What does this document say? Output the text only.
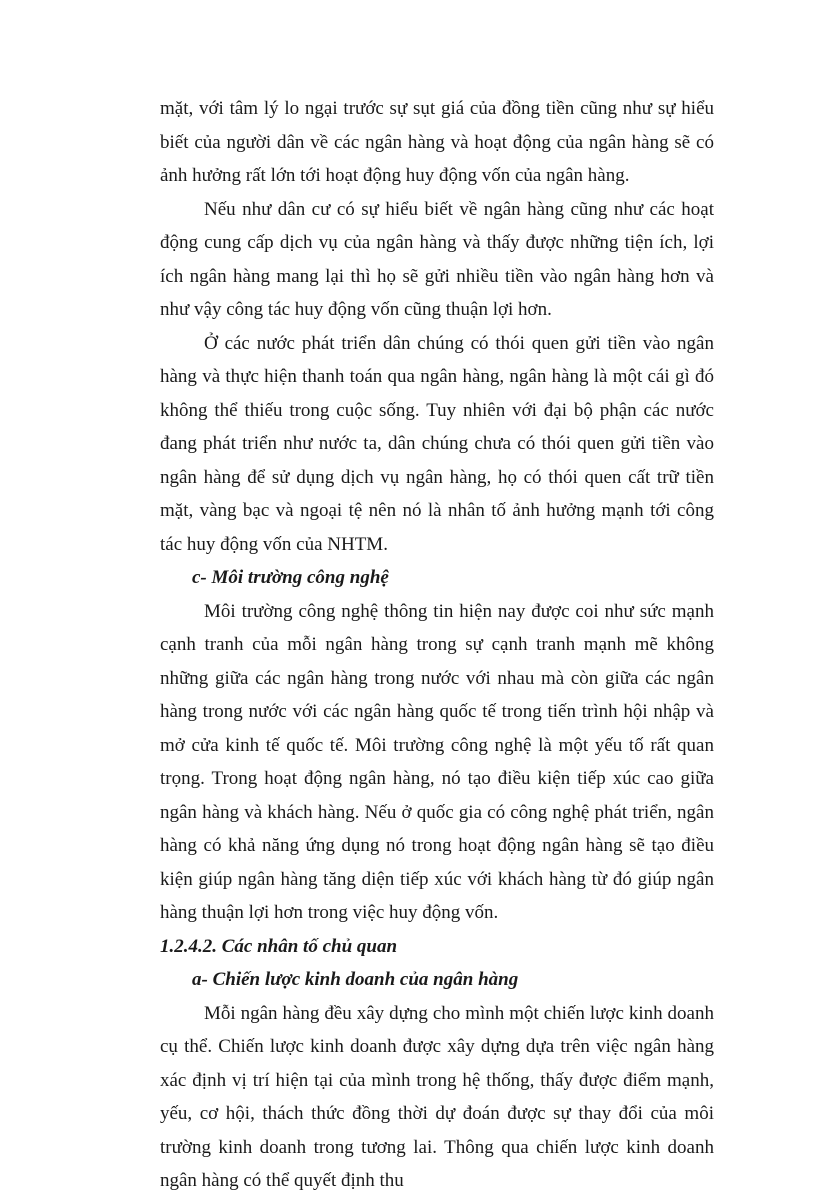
mặt, với tâm lý lo ngại trước sự sụt giá của đồng tiền cũng như sự hiểu biết của người dân về các ngân hàng và hoạt động của ngân hàng sẽ có ảnh hưởng rất lớn tới hoạt động huy động vốn của ngân hàng.

Nếu như dân cư có sự hiểu biết về ngân hàng cũng như các hoạt động cung cấp dịch vụ của ngân hàng và thấy được những tiện ích, lợi ích ngân hàng mang lại thì họ sẽ gửi nhiều tiền vào ngân hàng hơn và như vậy công tác huy động vốn cũng thuận lợi hơn.

Ở các nước phát triển dân chúng có thói quen gửi tiền vào ngân hàng và thực hiện thanh toán qua ngân hàng, ngân hàng là một cái gì đó không thể thiếu trong cuộc sống. Tuy nhiên với đại bộ phận các nước đang phát triển như nước ta, dân chúng chưa có thói quen gửi tiền vào ngân hàng để sử dụng dịch vụ ngân hàng, họ có thói quen cất trữ tiền mặt, vàng bạc và ngoại tệ nên nó là nhân tố ảnh hưởng mạnh tới công tác huy động vốn của NHTM.

c- Môi trường công nghệ

Môi trường công nghệ thông tin hiện nay được coi như sức mạnh cạnh tranh của mỗi ngân hàng trong sự cạnh tranh mạnh mẽ không những giữa các ngân hàng trong nước với nhau mà còn giữa các ngân hàng trong nước với các ngân hàng quốc tế trong tiến trình hội nhập và mở cửa kinh tế quốc tế. Môi trường công nghệ là một yếu tố rất quan trọng. Trong hoạt động ngân hàng, nó tạo điều kiện tiếp xúc cao giữa ngân hàng và khách hàng. Nếu ở quốc gia có công nghệ phát triển, ngân hàng có khả năng ứng dụng nó trong hoạt động ngân hàng sẽ tạo điều kiện giúp ngân hàng tăng diện tiếp xúc với khách hàng từ đó giúp ngân hàng thuận lợi hơn trong việc huy động vốn.

1.2.4.2. Các nhân tố chủ quan

a- Chiến lược kinh doanh của ngân hàng

Mỗi ngân hàng đều xây dựng cho mình một chiến lược kinh doanh cụ thể. Chiến lược kinh doanh được xây dựng dựa trên việc ngân hàng xác định vị trí hiện tại của mình trong hệ thống, thấy được điểm mạnh, yếu, cơ hội, thách thức đồng thời dự đoán được sự thay đổi của môi trường kinh doanh trong tương lai. Thông qua chiến lược kinh doanh ngân hàng có thể quyết định thu
